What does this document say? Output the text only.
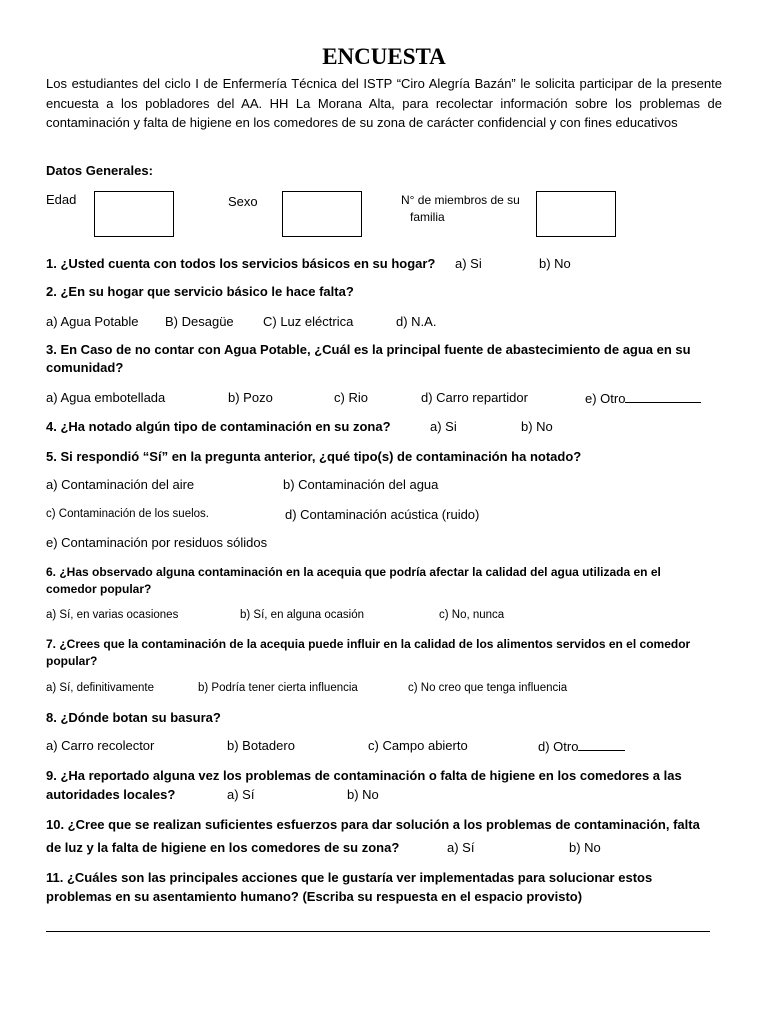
ENCUESTA
Los estudiantes del ciclo I de Enfermería Técnica del ISTP “Ciro Alegría Bazán” le solicita participar de la presente encuesta a los pobladores del AA. HH La Morana Alta, para recolectar información sobre los problemas de contaminación y falta de higiene en los comedores de su zona de carácter confidencial y con fines educativos
Datos Generales:
Edad	Sexo	N° de miembros de su
familia
1. ¿Usted cuenta con todos los servicios básicos en su hogar? a) Si	b) No
2. ¿En su hogar que servicio básico le hace falta?
a) Agua Potable B) Desagüe C) Luz eléctrica	d) N.A.
3. En Caso de no contar con Agua Potable, ¿Cuál es la principal fuente de abastecimiento de agua en su comunidad?
a) Agua embotellada	b) Pozo	c) Rio	d) Carro repartidor	e) Otro
4. ¿Ha notado algún tipo de contaminación en su zona?	a) Si	b) No
5. Si respondió “Sí” en la pregunta anterior, ¿qué tipo(s) de contaminación ha notado?
a) Contaminación del aire	b) Contaminación del agua
c) Contaminación de los suelos.	d) Contaminación acústica (ruido)
e) Contaminación por residuos sólidos
6. ¿Has observado alguna contaminación en la acequia que podría afectar la calidad del agua utilizada en el comedor popular?
a) Sí, en varias ocasiones	b) Sí, en alguna ocasión	c) No, nunca
7. ¿Crees que la contaminación de la acequia puede influir en la calidad de los alimentos servidos en el comedor popular?
a) Sí, definitivamente	b) Podría tener cierta influencia	c) No creo que tenga influencia
8. ¿Dónde botan su basura?
a) Carro recolector	b) Botadero	c) Campo abierto	d) Otro
9. ¿Ha reportado alguna vez los problemas de contaminación o falta de higiene en los comedores a las
autoridades locales?	a) Sí	b) No
10. ¿Cree que se realizan suficientes esfuerzos para dar solución a los problemas de contaminación, falta
de luz y la falta de higiene en los comedores de su zona?	a) Sí	b) No
11. ¿Cuáles son las principales acciones que le gustaría ver implementadas para solucionar estos
problemas en su asentamiento humano? (Escriba su respuesta en el espacio provisto)
